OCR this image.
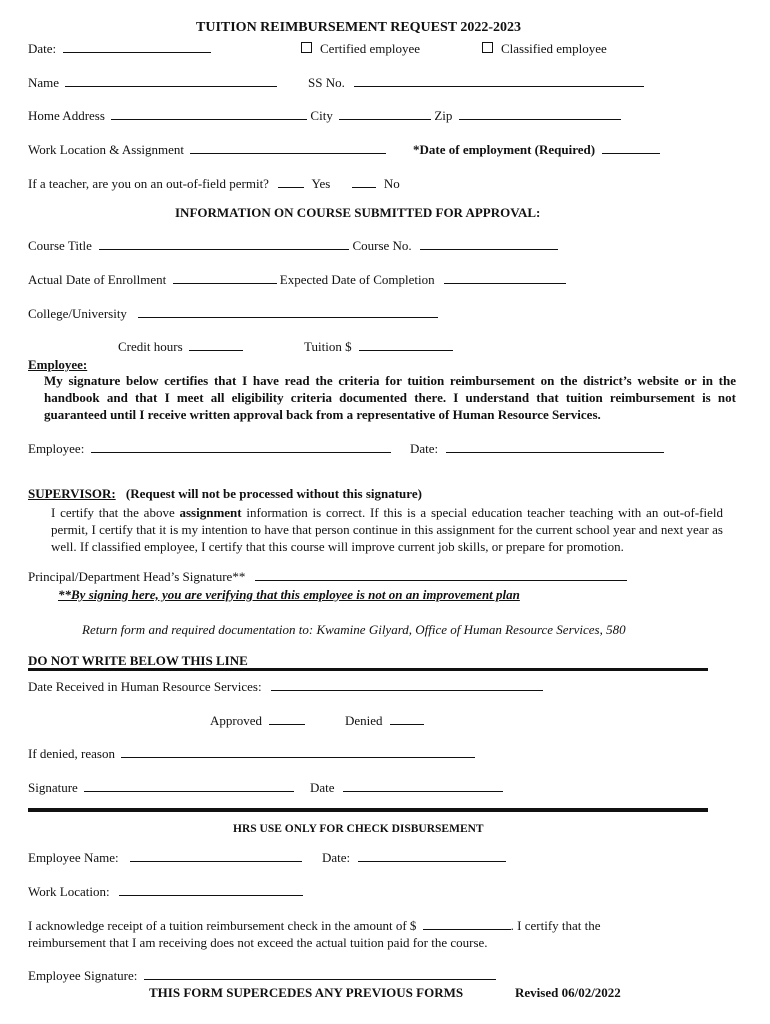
TUITION REIMBURSEMENT REQUEST 2022-2023
Date:	Certified employee	Classified employee
Name	SS No.
Home Address	City	Zip
Work Location & Assignment	*Date of employment (Required)
If a teacher, are you on an out-of-field permit?	Yes	No
INFORMATION ON COURSE SUBMITTED FOR APPROVAL:
Course Title	Course No.
Actual Date of Enrollment	Expected Date of Completion
College/University
Credit hours	Tuition $
Employee:
My signature below certifies that I have read the criteria for tuition reimbursement on the district’s website or in the handbook and that I meet all eligibility criteria documented there. I understand that tuition reimbursement is not guaranteed until I receive written approval back from a representative of Human Resource Services.
Employee:	Date:
SUPERVISOR: (Request will not be processed without this signature)
I certify that the above assignment information is correct. If this is a special education teacher teaching with an out-of-field permit, I certify that it is my intention to have that person continue in this assignment for the current school year and next year as well. If classified employee, I certify that this course will improve current job skills, or prepare for promotion.
Principal/Department Head’s Signature**
**By signing here, you are verifying that this employee is not on an improvement plan
Return form and required documentation to: Kwamine Gilyard, Office of Human Resource Services, 580
DO NOT WRITE BELOW THIS LINE
Date Received in Human Resource Services:
Approved	Denied
If denied, reason
Signature	Date
HRS USE ONLY FOR CHECK DISBURSEMENT
Employee Name:	Date:
Work Location:
I acknowledge receipt of a tuition reimbursement check in the amount of $	. I certify that the
reimbursement that I am receiving does not exceed the actual tuition paid for the course.
Employee Signature:
THIS FORM SUPERCEDES ANY PREVIOUS FORMS	Revised 06/02/2022
